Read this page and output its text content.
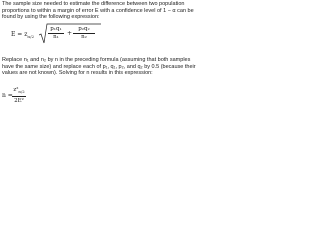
The sample size needed to estimate the difference between two population proportions to within a margin of error E with a confidence level of 1 − α can be found by using the following expression:

$E = z_{\alpha/2}$	$\frac{\text{p₁q₁}}{\text{n₁}} + \frac{\text{p₂q₂}}{\text{n₂}}$

Replace n₁ and n₂ by n in the preceding formula (assuming that both samples have the same size) and replace each of p₁, q₁, p₂, and q₂ by 0.5 (because their values are not known). Solving for n results in this expression:

$n = \frac{z^2_{\alpha/2}}{\text{2E²}}$
